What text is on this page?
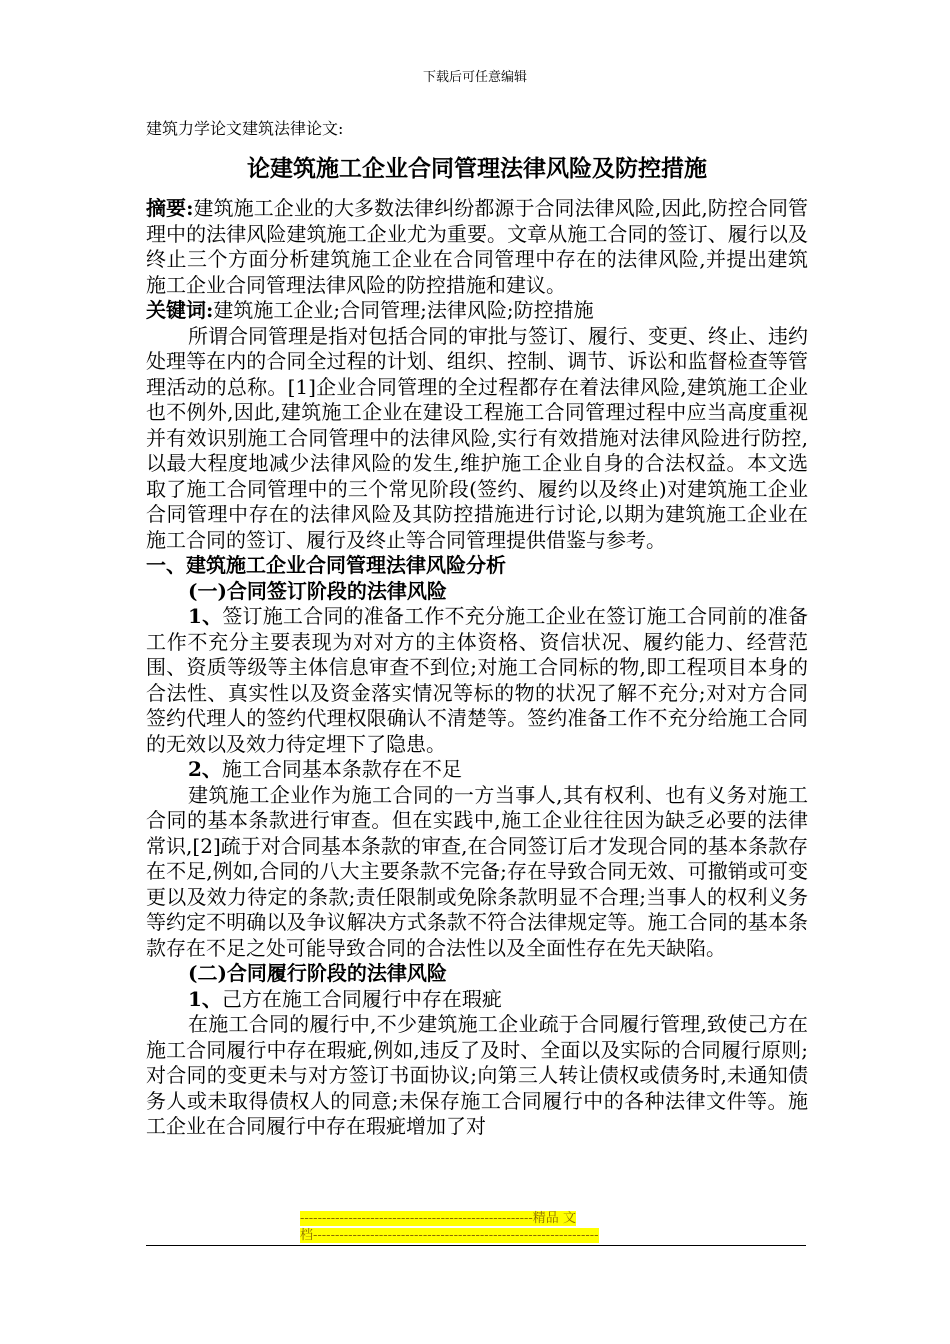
下载后可任意编辑

建筑力学论文建筑法律论文:

论建筑施工企业合同管理法律风险及防控措施

摘要:建筑施工企业的大多数法律纠纷都源于合同法律风险,因此,防控合同管理中的法律风险建筑施工企业尤为重要。文章从施工合同的签订、履行以及终止三个方面分析建筑施工企业在合同管理中存在的法律风险,并提出建筑施工企业合同管理法律风险的防控措施和建议。

关键词:建筑施工企业;合同管理;法律风险;防控措施

所谓合同管理是指对包括合同的审批与签订、履行、变更、终止、违约处理等在内的合同全过程的计划、组织、控制、调节、诉讼和监督检查等管理活动的总称。[1]企业合同管理的全过程都存在着法律风险,建筑施工企业也不例外,因此,建筑施工企业在建设工程施工合同管理过程中应当高度重视并有效识别施工合同管理中的法律风险,实行有效措施对法律风险进行防控,以最大程度地减少法律风险的发生,维护施工企业自身的合法权益。本文选取了施工合同管理中的三个常见阶段(签约、履约以及终止)对建筑施工企业合同管理中存在的法律风险及其防控措施进行讨论,以期为建筑施工企业在施工合同的签订、履行及终止等合同管理提供借鉴与参考。

一、建筑施工企业合同管理法律风险分析

(一)合同签订阶段的法律风险

1、签订施工合同的准备工作不充分施工企业在签订施工合同前的准备工作不充分主要表现为对对方的主体资格、资信状况、履约能力、经营范围、资质等级等主体信息审查不到位;对施工合同标的物,即工程项目本身的合法性、真实性以及资金落实情况等标的物的状况了解不充分;对对方合同签约代理人的签约代理权限确认不清楚等。签约准备工作不充分给施工合同的无效以及效力待定埋下了隐患。

2、施工合同基本条款存在不足

建筑施工企业作为施工合同的一方当事人,其有权利、也有义务对施工合同的基本条款进行审查。但在实践中,施工企业往往因为缺乏必要的法律常识,[2]疏于对合同基本条款的审查,在合同签订后才发现合同的基本条款存在不足,例如,合同的八大主要条款不完备;存在导致合同无效、可撤销或可变更以及效力待定的条款;责任限制或免除条款明显不合理;当事人的权利义务等约定不明确以及争议解决方式条款不符合法律规定等。施工合同的基本条款存在不足之处可能导致合同的合法性以及全面性存在先天缺陷。

(二)合同履行阶段的法律风险

1、己方在施工合同履行中存在瑕疵

在施工合同的履行中,不少建筑施工企业疏于合同履行管理,致使己方在施工合同履行中存在瑕疵,例如,违反了及时、全面以及实际的合同履行原则;对合同的变更未与对方签订书面协议;向第三人转让债权或债务时,未通知债务人或未取得债权人的同意;未保存施工合同履行中的各种法律文件等。施工企业在合同履行中存在瑕疵增加了对

-----------------------------------------------------精品 文
档-----------------------------------------------------------------
